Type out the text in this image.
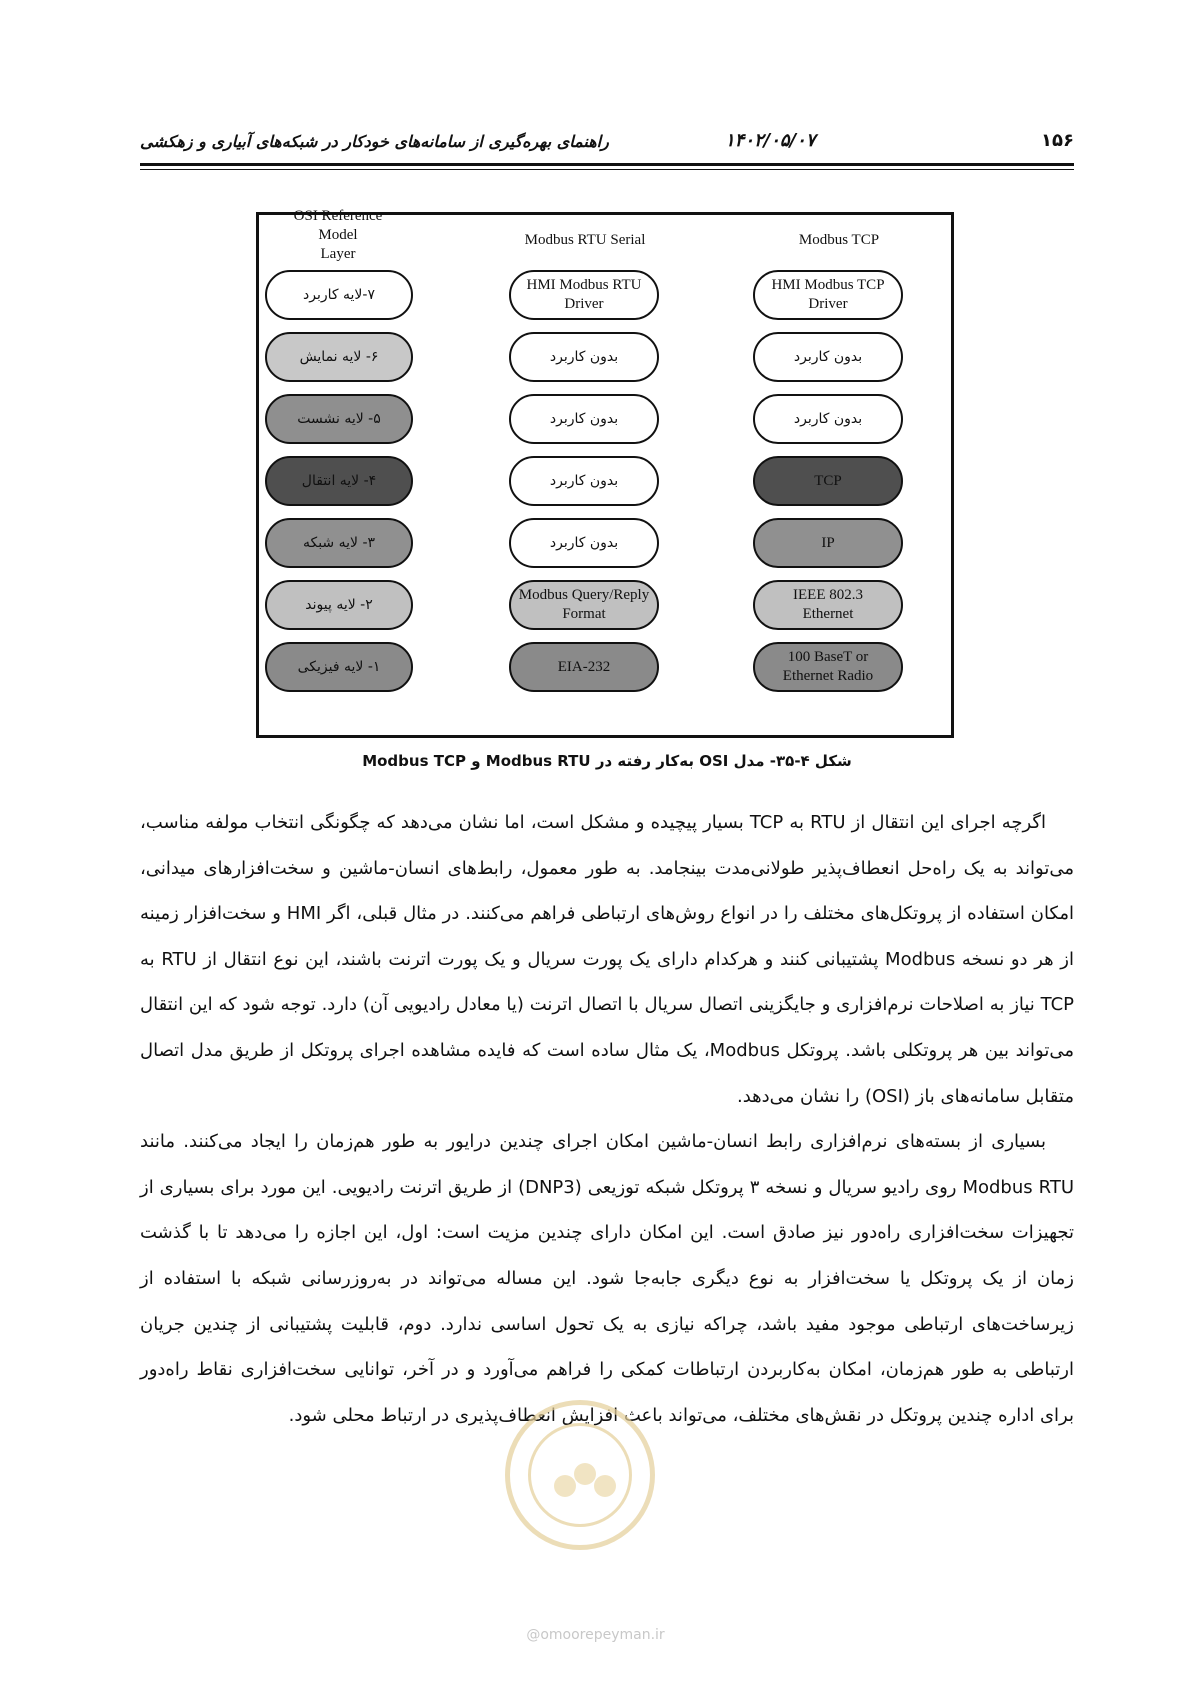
۱۵۶
۱۴۰۲/۰۵/۰۷
راهنمای بهره‌گیری از سامانه‌های خودکار در شبکه‌های آبیاری و زهکشی
OSI Reference
Model
Layer
Modbus RTU Serial	Modbus TCP
۷-لایه کاربرد
۶- لایه نمایش
۵- لایه نشست
۴- لایه انتقال
۳- لایه شبکه
۲- لایه پیوند
۱- لایه فیزیکی
HMI Modbus RTU
Driver
بدون کاربرد
بدون کاربرد
بدون کاربرد
بدون کاربرد
Modbus Query/Reply
Format
EIA-232
HMI Modbus TCP
Driver
بدون کاربرد
بدون کاربرد
TCP
IP
IEEE 802.3
Ethernet
100 BaseT or
Ethernet Radio
شکل ۴-۳۵- مدل OSI به‌کار رفته در Modbus RTU و Modbus TCP

اگرچه اجرای این انتقال از RTU به TCP بسیار پیچیده و مشکل است، اما نشان می‌دهد که چگونگی انتخاب مولفه مناسب، می‌تواند به یک راه‌حل انعطاف‌پذیر طولانی‌مدت بینجامد. به طور معمول، رابط‌های انسان-ماشین و سخت‌افزارهای میدانی، امکان استفاده از پروتکل‌های مختلف را در انواع روش‌های ارتباطی فراهم می‌کنند. در مثال قبلی، اگر HMI و سخت‌افزار زمینه از هر دو نسخه Modbus پشتیبانی کنند و هرکدام دارای یک پورت سریال و یک پورت اترنت باشند، این نوع انتقال از RTU به TCP نیاز به اصلاحات نرم‌افزاری و جایگزینی اتصال سریال با اتصال اترنت (یا معادل رادیویی آن) دارد. توجه شود که این انتقال می‌تواند بین هر پروتکلی باشد. پروتکل Modbus، یک مثال ساده است که فایده مشاهده اجرای پروتکل از طریق مدل اتصال متقابل سامانه‌های باز (OSI) را نشان می‌دهد.

بسیاری از بسته‌های نرم‌افزاری رابط انسان-ماشین امکان اجرای چندین درایور به طور هم‌زمان را ایجاد می‌کنند. مانند Modbus RTU روی رادیو سریال و نسخه ۳ پروتکل شبکه توزیعی (DNP3) از طریق اترنت رادیویی. این مورد برای بسیاری از تجهیزات سخت‌افزاری راه‌دور نیز صادق است. این امکان دارای چندین مزیت است: اول، این اجازه را می‌دهد تا با گذشت زمان از یک پروتکل یا سخت‌افزار به نوع دیگری جابه‌جا شود. این مساله می‌تواند در به‌روزرسانی شبکه با استفاده از زیرساخت‌های ارتباطی موجود مفید باشد، چراکه نیازی به یک تحول اساسی ندارد. دوم، قابلیت پشتیبانی از چندین جریان ارتباطی به طور هم‌زمان، امکان به‌کاربردن ارتباطات کمکی را فراهم می‌آورد و در آخر، توانایی سخت‌افزاری نقاط راه‌دور برای اداره چندین پروتکل در نقش‌های مختلف، می‌تواند باعث افزایش انعطاف‌پذیری در ارتباط محلی شود.

@omoorepeyman.ir
